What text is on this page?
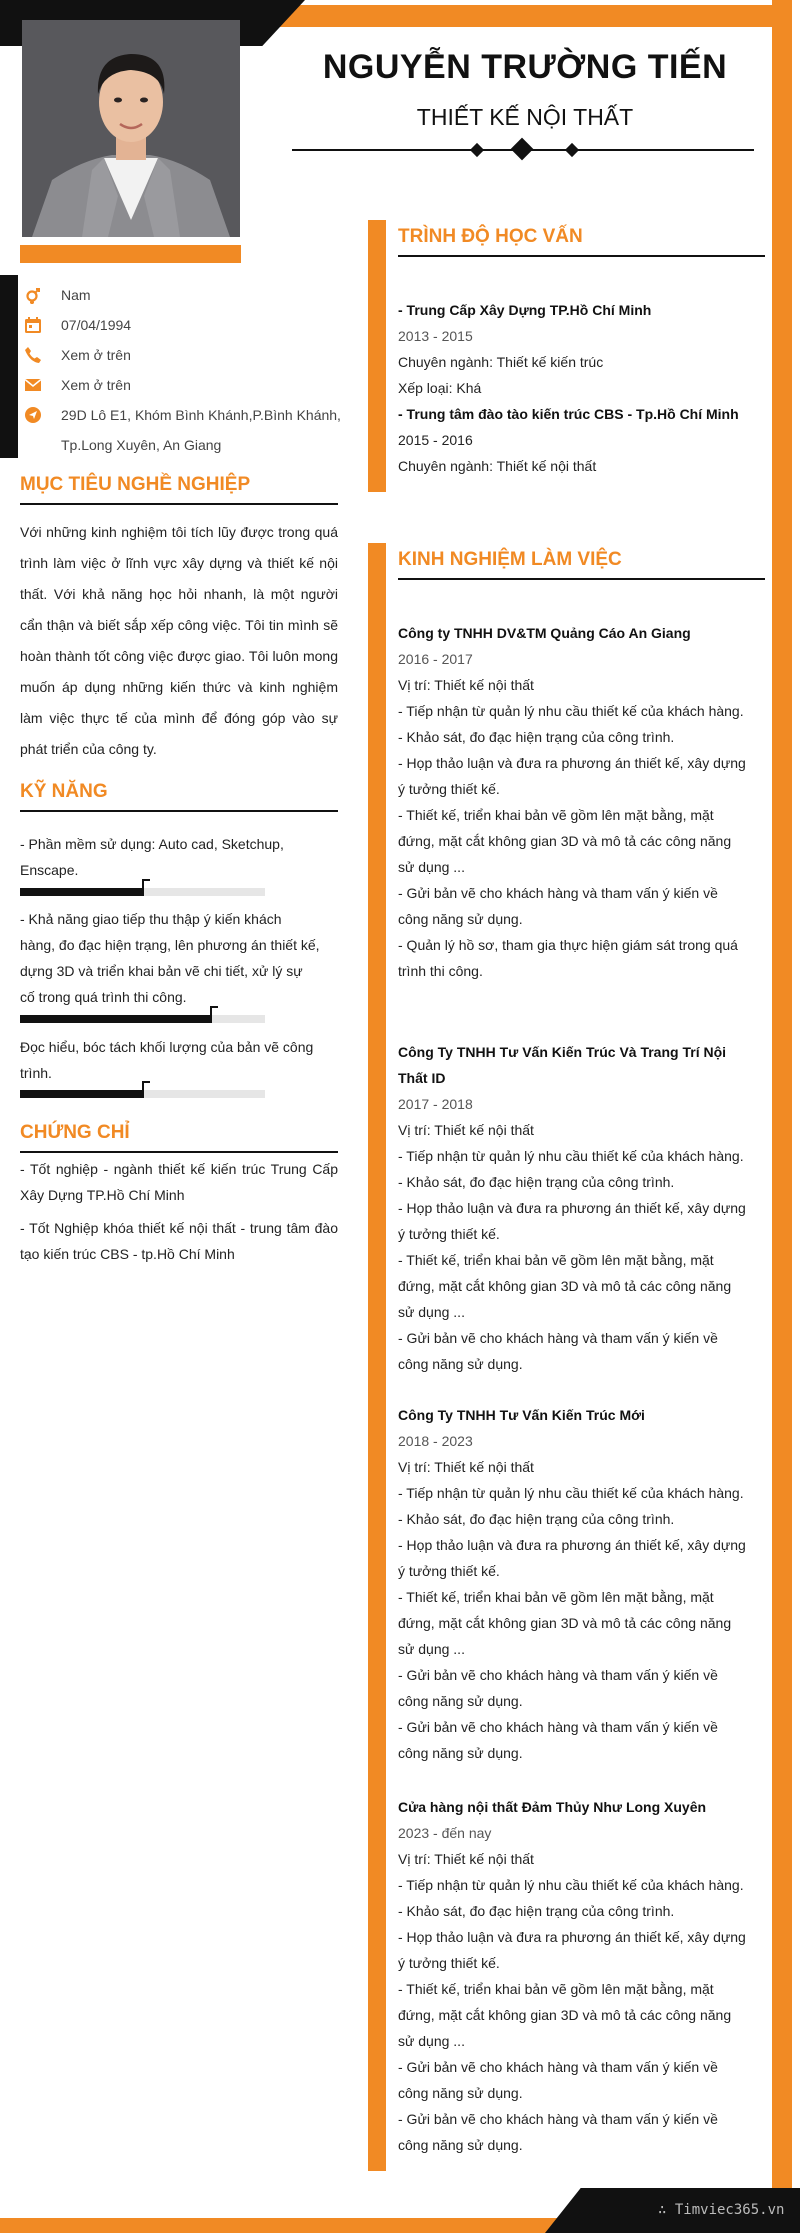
∴ Timviec365.vn
NGUYỄN TRƯỜNG TIẾN
THIẾT KẾ NỘI THẤT
Nam
07/04/1994
Xem ở trên
Xem ở trên
29D Lô E1, Khóm Bình Khánh,P.Bình Khánh,
Tp.Long Xuyên, An Giang
MỤC TIÊU NGHỀ NGHIỆP
Với những kinh nghiệm tôi tích lũy được trong quá trình làm việc ở lĩnh vực xây dựng và thiết kế nội thất. Với khả năng học hỏi nhanh, là một người cẩn thận và biết sắp xếp công việc. Tôi tin mình sẽ hoàn thành tốt công việc được giao. Tôi luôn mong muốn áp dụng những kiến thức và kinh nghiệm làm việc thực tế của mình để đóng góp vào sự phát triển của công ty.
KỸ NĂNG
- Phần mềm sử dụng: Auto cad, Sketchup, Enscape.
- Khả năng giao tiếp thu thập ý kiến khách hàng, đo đạc hiện trạng, lên phương án thiết kế, dựng 3D và triển khai bản vẽ chi tiết, xử lý sự cố trong quá trình thi công.
Đọc hiểu, bóc tách khối lượng của bản vẽ công trình.
CHỨNG CHỈ
- Tốt nghiệp - ngành thiết kế kiến trúc Trung Cấp Xây Dựng TP.Hồ Chí Minh
- Tốt Nghiệp khóa thiết kế nội thất - trung tâm đào tạo kiến trúc CBS - tp.Hồ Chí Minh
TRÌNH ĐỘ HỌC VẤN

- Trung Cấp Xây Dựng TP.Hồ Chí Minh

2013 - 2015

Chuyên ngành: Thiết kế kiến trúc

Xếp loại: Khá

- Trung tâm đào tào kiến trúc CBS - Tp.Hồ Chí Minh

2015 - 2016

Chuyên ngành: Thiết kế nội thất

KINH NGHIỆM LÀM VIỆC

Công ty TNHH DV&TM Quảng Cáo An Giang

2016 - 2017

Vị trí: Thiết kế nội thất

- Tiếp nhận từ quản lý nhu cầu thiết kế của khách hàng.

- Khảo sát, đo đạc hiện trạng của công trình.

- Họp thảo luận và đưa ra phương án thiết kế, xây dựng ý tưởng thiết kế.

- Thiết kế, triển khai bản vẽ gồm lên mặt bằng, mặt đứng, mặt cắt không gian 3D và mô tả các công năng sử dụng ...

- Gửi bản vẽ cho khách hàng và tham vấn ý kiến về công năng sử dụng.

- Quản lý hồ sơ, tham gia thực hiện giám sát trong quá trình thi công.

Công Ty TNHH Tư Vấn Kiến Trúc Và Trang Trí Nội Thất ID

2017 - 2018

Vị trí: Thiết kế nội thất

- Tiếp nhận từ quản lý nhu cầu thiết kế của khách hàng.

- Khảo sát, đo đạc hiện trạng của công trình.

- Họp thảo luận và đưa ra phương án thiết kế, xây dựng ý tưởng thiết kế.

- Thiết kế, triển khai bản vẽ gồm lên mặt bằng, mặt đứng, mặt cắt không gian 3D và mô tả các công năng sử dụng ...

- Gửi bản vẽ cho khách hàng và tham vấn ý kiến về công năng sử dụng.

Công Ty TNHH Tư Vấn Kiến Trúc Mới

2018 - 2023

Vị trí: Thiết kế nội thất

- Tiếp nhận từ quản lý nhu cầu thiết kế của khách hàng.

- Khảo sát, đo đạc hiện trạng của công trình.

- Họp thảo luận và đưa ra phương án thiết kế, xây dựng ý tưởng thiết kế.

- Thiết kế, triển khai bản vẽ gồm lên mặt bằng, mặt đứng, mặt cắt không gian 3D và mô tả các công năng sử dụng ...

- Gửi bản vẽ cho khách hàng và tham vấn ý kiến về công năng sử dụng.

- Gửi bản vẽ cho khách hàng và tham vấn ý kiến về công năng sử dụng.

Cửa hàng nội thất Đảm Thủy Như Long Xuyên

2023 - đến nay

Vị trí: Thiết kế nội thất

- Tiếp nhận từ quản lý nhu cầu thiết kế của khách hàng.

- Khảo sát, đo đạc hiện trạng của công trình.

- Họp thảo luận và đưa ra phương án thiết kế, xây dựng ý tưởng thiết kế.

- Thiết kế, triển khai bản vẽ gồm lên mặt bằng, mặt đứng, mặt cắt không gian 3D và mô tả các công năng sử dụng ...

- Gửi bản vẽ cho khách hàng và tham vấn ý kiến về công năng sử dụng.

- Gửi bản vẽ cho khách hàng và tham vấn ý kiến về công năng sử dụng.
